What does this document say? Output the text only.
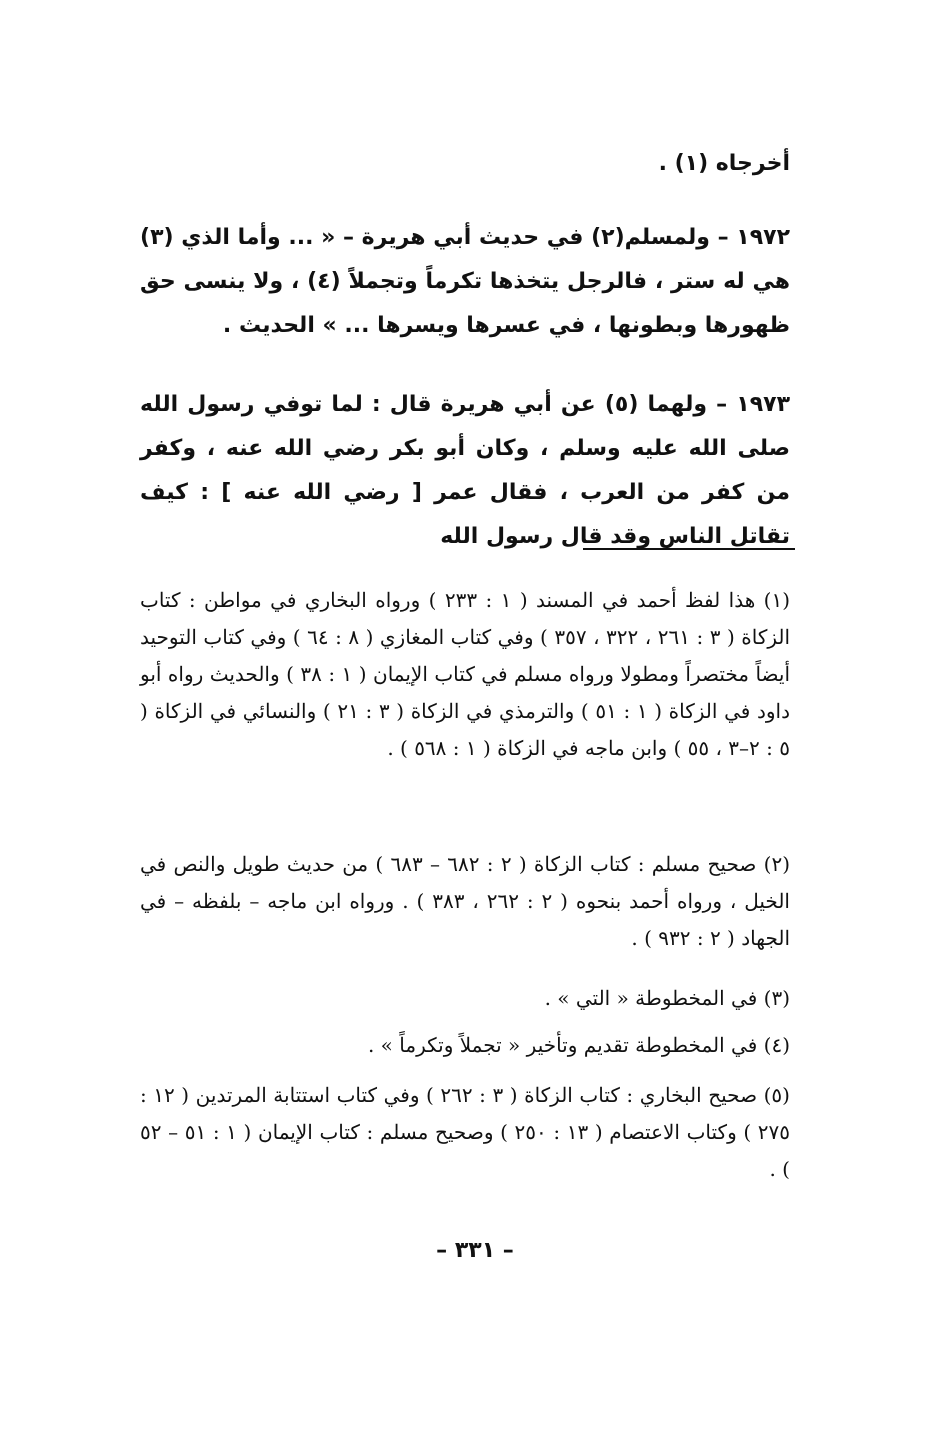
أخرجاه (١) .

١٩٧٢ – ولمسلم(٢) في حديث أبي هريرة – « ... وأما الذي (٣) هي له ستر ، فالرجل يتخذها تكرماً وتجملاً (٤) ، ولا ينسى حق ظهورها وبطونها ، في عسرها ويسرها ... » الحديث .

١٩٧٣ – ولهما (٥) عن أبي هريرة قال : لما توفي رسول الله صلى الله عليه وسلم ، وكان أبو بكر رضي الله عنه ، وكفر من كفر من العرب ، فقال عمر [ رضي الله عنه ] : كيف تقاتل الناس وقد قال رسول الله

(١) هذا لفظ أحمد في المسند ( ١ : ٢٣٣ ) ورواه البخاري في مواطن : كتاب الزكاة ( ٣ : ٢٦١ ، ٣٢٢ ، ٣٥٧ ) وفي كتاب المغازي ( ٨ : ٦٤ ) وفي كتاب التوحيد أيضاً مختصراً ومطولا ورواه مسلم في كتاب الإيمان ( ١ : ٣٨ ) والحديث رواه أبو داود في الزكاة ( ١ : ٥١ ) والترمذي في الزكاة ( ٣ : ٢١ ) والنسائي في الزكاة ( ٥ : ٢–٣ ، ٥٥ ) وابن ماجه في الزكاة ( ١ : ٥٦٨ ) .

(٢) صحيح مسلم : كتاب الزكاة ( ٢ : ٦٨٢ – ٦٨٣ ) من حديث طويل والنص في الخيل ، ورواه أحمد بنحوه ( ٢ : ٢٦٢ ، ٣٨٣ ) . ورواه ابن ماجه – بلفظه – في الجهاد ( ٢ : ٩٣٢ ) .

(٣) في المخطوطة « التي » .

(٤) في المخطوطة تقديم وتأخير « تجملاً وتكرماً » .

(٥) صحيح البخاري : كتاب الزكاة ( ٣ : ٢٦٢ ) وفي كتاب استتابة المرتدين ( ١٢ : ٢٧٥ ) وكتاب الاعتصام ( ١٣ : ٢٥٠ ) وصحيح مسلم : كتاب الإيمان ( ١ : ٥١ – ٥٢ ) .

– ٣٣١ –
